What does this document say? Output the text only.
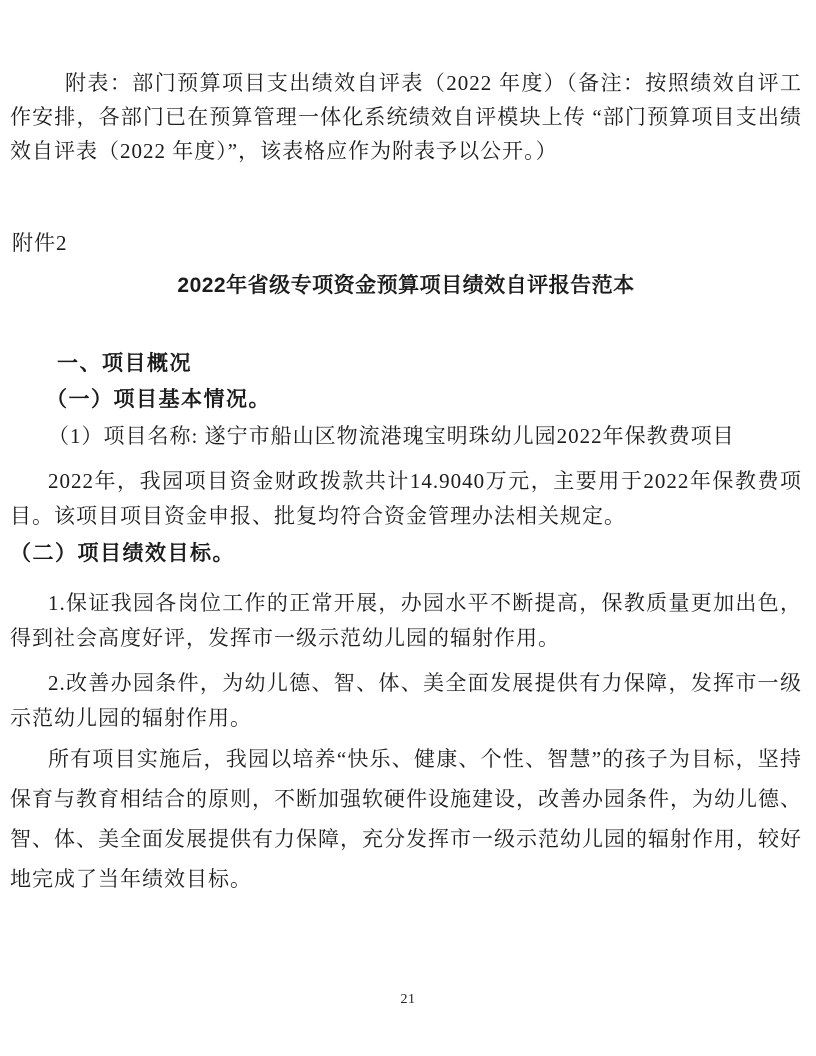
附表：部门预算项目支出绩效自评表（2022 年度）（备注：按照绩效自评工作安排，各部门已在预算管理一体化系统绩效自评模块上传 “部门预算项目支出绩效自评表（2022 年度）”，该表格应作为附表予以公开。）

附件2

2022年省级专项资金预算项目绩效自评报告范本

一、项目概况

（一）项目基本情况。

（1）项目名称: 遂宁市船山区物流港瑰宝明珠幼儿园2022年保教费项目

2022年，我园项目资金财政拨款共计14.9040万元，主要用于2022年保教费项目。该项目项目资金申报、批复均符合资金管理办法相关规定。

（二）项目绩效目标。

1.保证我园各岗位工作的正常开展，办园水平不断提高，保教质量更加出色，得到社会高度好评，发挥市一级示范幼儿园的辐射作用。

2.改善办园条件，为幼儿德、智、体、美全面发展提供有力保障，发挥市一级示范幼儿园的辐射作用。

所有项目实施后，我园以培养“快乐、健康、个性、智慧”的孩子为目标，坚持保育与教育相结合的原则，不断加强软硬件设施建设，改善办园条件，为幼儿德、智、体、美全面发展提供有力保障，充分发挥市一级示范幼儿园的辐射作用，较好地完成了当年绩效目标。

21
